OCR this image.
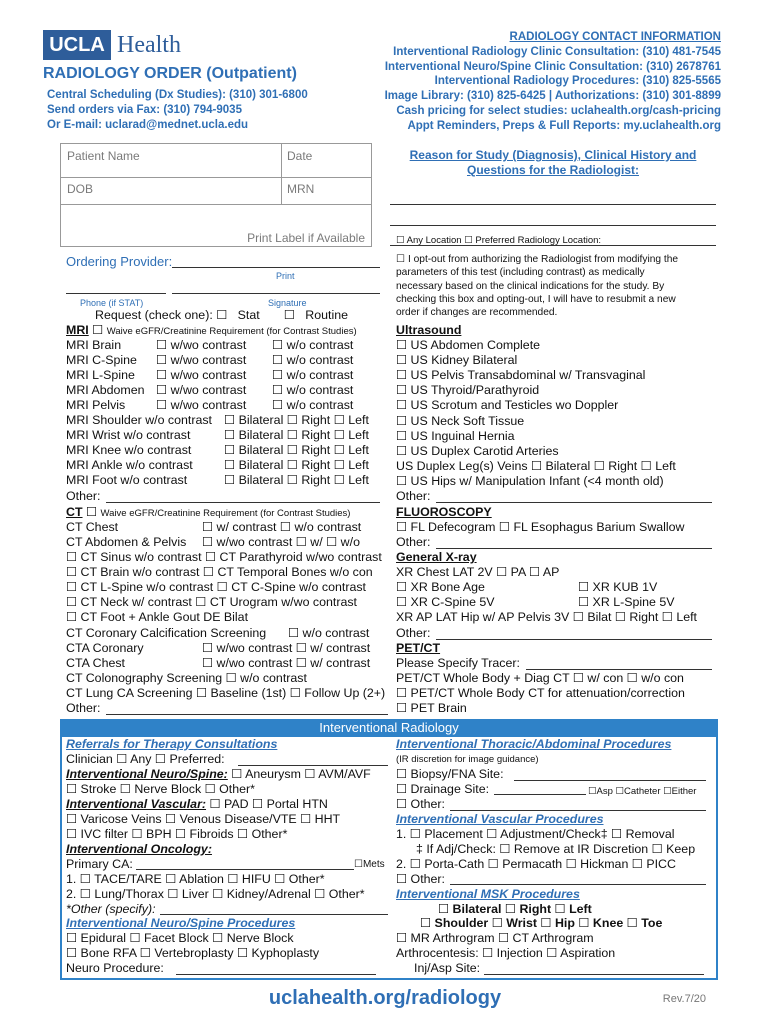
UCLA Health
RADIOLOGY ORDER (Outpatient)
Central Scheduling (Dx Studies): (310) 301-6800
Send orders via Fax: (310) 794-9035
Or E-mail: uclarad@mednet.ucla.edu
RADIOLOGY CONTACT INFORMATION
Interventional Radiology Clinic Consultation: (310) 481-7545
Interventional Neuro/Spine Clinic Consultation: (310) 2678761
Interventional Radiology Procedures: (310) 825-5565
Image Library: (310) 825-6425 | Authorizations: (310) 301-8899
Cash pricing for select studies: uclahealth.org/cash-pricing
Appt Reminders, Preps & Full Reports: my.uclahealth.org
Patient Name	Date
DOB	MRN
Print Label if Available
Reason for Study (Diagnosis), Clinical History and
Questions for the Radiologist:
☐ Any Location ☐ Preferred Radiology Location:
Ordering Provider:
Print
Phone (if STAT)	Signature
☐ I opt-out from authorizing the Radiologist from modifying the
parameters of this test (including contrast) as medically
necessary based on the clinical indications for the study. By
checking this box and opting-out, I will have to resubmit a new
order if changes are recommended.
Request (check one): ☐ Stat ☐ Routine
MRI ☐ Waive eGFR/Creatinine Requirement (for Contrast Studies)
MRI Brain	☐ w/wo contrast ☐ w/o contrast
MRI C-Spine ☐ w/wo contrast ☐ w/o contrast
MRI L-Spine ☐ w/wo contrast ☐ w/o contrast
MRI Abdomen ☐ w/wo contrast ☐ w/o contrast
MRI Pelvis ☐ w/wo contrast ☐ w/o contrast
MRI Shoulder w/o contrast ☐ Bilateral ☐ Right ☐ Left
MRI Wrist w/o contrast	☐ Bilateral ☐ Right ☐ Left
MRI Knee w/o contrast	☐ Bilateral ☐ Right ☐ Left
MRI Ankle w/o contrast	☐ Bilateral ☐ Right ☐ Left
MRI Foot w/o contrast	☐ Bilateral ☐ Right ☐ Left
Other:
CT ☐ Waive eGFR/Creatinine Requirement (for Contrast Studies)
CT Chest	☐ w/ contrast ☐ w/o contrast
CT Abdomen & Pelvis ☐ w/wo contrast ☐ w/ ☐ w/o
☐ CT Sinus w/o contrast ☐ CT Parathyroid w/wo contrast
☐ CT Brain w/o contrast ☐ CT Temporal Bones w/o con
☐ CT L-Spine w/o contrast ☐ CT C-Spine w/o contrast
☐ CT Neck w/ contrast ☐ CT Urogram w/wo contrast
☐ CT Foot + Ankle Gout DE Bilat
CT Coronary Calcification Screening ☐ w/o contrast
CTA Coronary	☐ w/wo contrast ☐ w/ contrast
CTA Chest	☐ w/wo contrast ☐ w/ contrast
CT Colonography Screening ☐ w/o contrast
CT Lung CA Screening ☐ Baseline (1st) ☐ Follow Up (2+)
Other:
Ultrasound
☐ US Abdomen Complete
☐ US Kidney Bilateral
☐ US Pelvis Transabdominal w/ Transvaginal
☐ US Thyroid/Parathyroid
☐ US Scrotum and Testicles wo Doppler
☐ US Neck Soft Tissue
☐ US Inguinal Hernia
☐ US Duplex Carotid Arteries
US Duplex Leg(s) Veins ☐ Bilateral ☐ Right ☐ Left
☐ US Hips w/ Manipulation Infant (<4 month old)
Other:
FLUOROSCOPY
☐ FL Defecogram ☐ FL Esophagus Barium Swallow
Other:
General X-ray
XR Chest LAT 2V ☐ PA ☐ AP
☐ XR Bone Age	☐ XR KUB 1V
☐ XR C-Spine 5V	☐ XR L-Spine 5V
XR AP LAT Hip w/ AP Pelvis 3V ☐ Bilat ☐ Right ☐ Left
Other:
PET/CT
Please Specify Tracer:
PET/CT Whole Body + Diag CT ☐ w/ con ☐ w/o con
☐ PET/CT Whole Body CT for attenuation/correction
☐ PET Brain
Interventional Radiology
Referrals for Therapy Consultations
Clinician ☐ Any ☐ Preferred:
Interventional Neuro/Spine: ☐ Aneurysm ☐ AVM/AVF
☐ Stroke ☐ Nerve Block ☐ Other*
Interventional Vascular: ☐ PAD ☐ Portal HTN
☐ Varicose Veins ☐ Venous Disease/VTE ☐ HHT
☐ IVC filter ☐ BPH ☐ Fibroids ☐ Other*
Interventional Oncology:
Primary CA:	☐Mets
1. ☐ TACE/TARE ☐ Ablation ☐ HIFU ☐ Other*
2. ☐ Lung/Thorax ☐ Liver ☐ Kidney/Adrenal ☐ Other*
*Other (specify):
Interventional Neuro/Spine Procedures
☐ Epidural ☐ Facet Block ☐ Nerve Block
☐ Bone RFA ☐ Vertebroplasty ☐ Kyphoplasty
Neuro Procedure:
Interventional Thoracic/Abdominal Procedures
(IR discretion for image guidance)
☐ Biopsy/FNA Site:
☐ Drainage Site:	☐Asp ☐Catheter ☐Either
☐ Other:
Interventional Vascular Procedures
1. ☐ Placement ☐ Adjustment/Check‡ ☐ Removal
‡ If Adj/Check: ☐ Remove at IR Discretion ☐ Keep
2. ☐ Porta-Cath ☐ Permacath ☐ Hickman ☐ PICC
☐ Other:
Interventional MSK Procedures
☐ Bilateral ☐ Right ☐ Left
☐ Shoulder ☐ Wrist ☐ Hip ☐ Knee ☐ Toe
☐ MR Arthrogram ☐ CT Arthrogram
Arthrocentesis: ☐ Injection ☐ Aspiration
Inj/Asp Site:
uclahealth.org/radiology	Rev.7/20
